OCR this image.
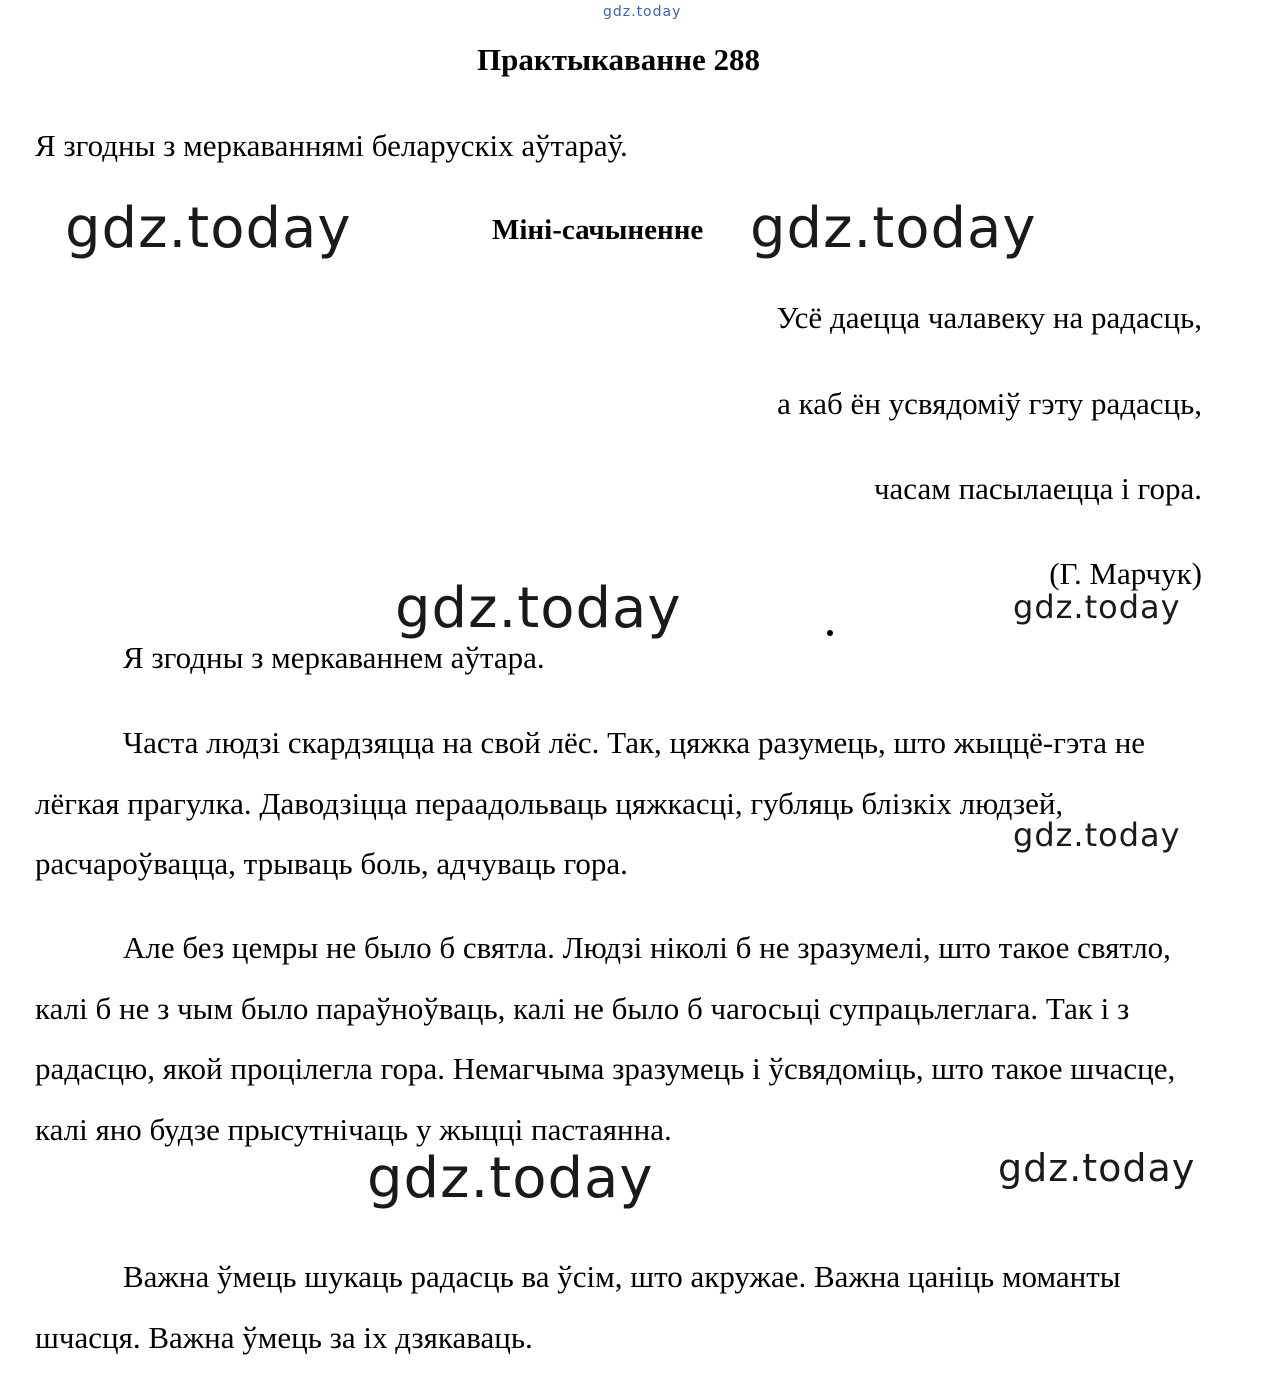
gdz.today
Практыкаванне 288
Я згодны з меркаваннямі беларускіх аўтараў.
gdz.today	Міні-сачыненне gdz.today
Усё даецца чалавеку на радасць,
а каб ён усвядоміў гэту радасць,
часам пасылаецца і гора.
(Г. Марчук)
gdz.today	gdz.today
Я згодны з меркаваннем аўтара.
Часта людзі скардзяцца на свой лёс. Так, цяжка разумець, што жыццё-гэта не лёгкая прагулка. Даводзіцца пераадольваць цяжкасці, губляць блізкіх людзей, расчароўвацца, трываць боль, адчуваць гора.
gdz.today
Але без цемры не было б святла. Людзі ніколі б не зразумелі, што такое святло, калі б не з чым было параўноўваць, калі не было б чагосьці супрацьлеглага. Так і з радасцю, якой процілегла гора. Немагчыма зразумець і ўсвядоміць, што такое шчасце, калі яно будзе прысутнічаць у жыцці пастаянна.
gdz.today	gdz.today
Важна ўмець шукаць радасць ва ўсім, што акружае. Важна цаніць моманты шчасця. Важна ўмець за іх дзякаваць.
